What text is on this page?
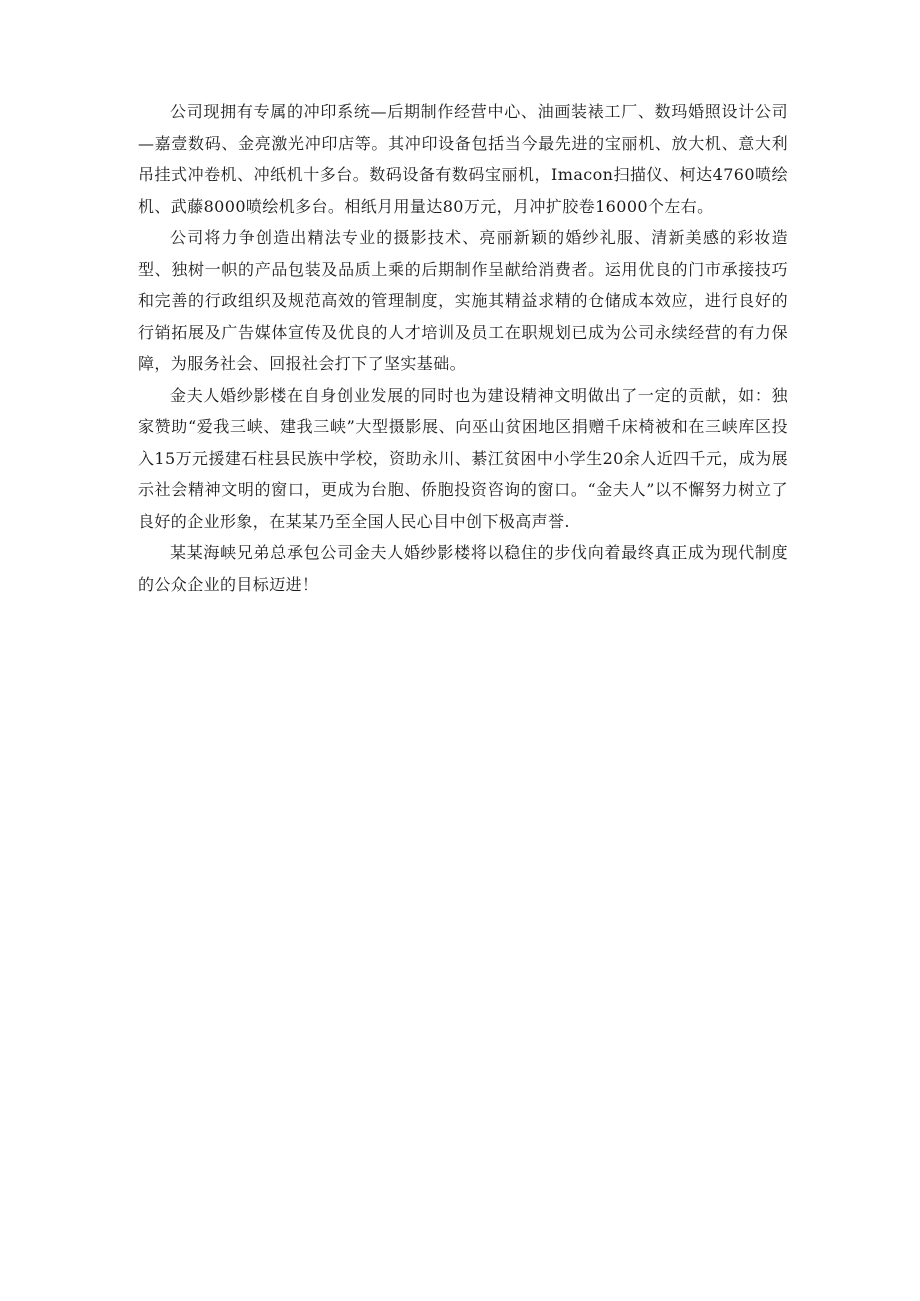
公司现拥有专属的冲印系统—后期制作经营中心、油画装裱工厂、数玛婚照设计公司—嘉壹数码、金亮激光冲印店等。其冲印设备包括当今最先进的宝丽机、放大机、意大利吊挂式冲卷机、冲纸机十多台。数码设备有数码宝丽机，Imacon扫描仪、柯达4760喷绘机、武藤8000喷绘机多台。相纸月用量达80万元，月冲扩胶卷16000个左右。

公司将力争创造出精法专业的摄影技术、亮丽新颖的婚纱礼服、清新美感的彩妆造型、独树一帜的产品包装及品质上乘的后期制作呈献给消费者。运用优良的门市承接技巧和完善的行政组织及规范高效的管理制度，实施其精益求精的仓储成本效应，进行良好的行销拓展及广告媒体宣传及优良的人才培训及员工在职规划已成为公司永续经营的有力保障，为服务社会、回报社会打下了坚实基础。

金夫人婚纱影楼在自身创业发展的同时也为建设精神文明做出了一定的贡献，如：独家赞助“爱我三峡、建我三峡”大型摄影展、向巫山贫困地区捐赠千床椅被和在三峡库区投入15万元援建石柱县民族中学校，资助永川、綦江贫困中小学生20余人近四千元，成为展示社会精神文明的窗口，更成为台胞、侨胞投资咨询的窗口。“金夫人”以不懈努力树立了良好的企业形象，在某某乃至全国人民心目中创下极高声誉.

某某海峡兄弟总承包公司金夫人婚纱影楼将以稳住的步伐向着最终真正成为现代制度的公众企业的目标迈进！
